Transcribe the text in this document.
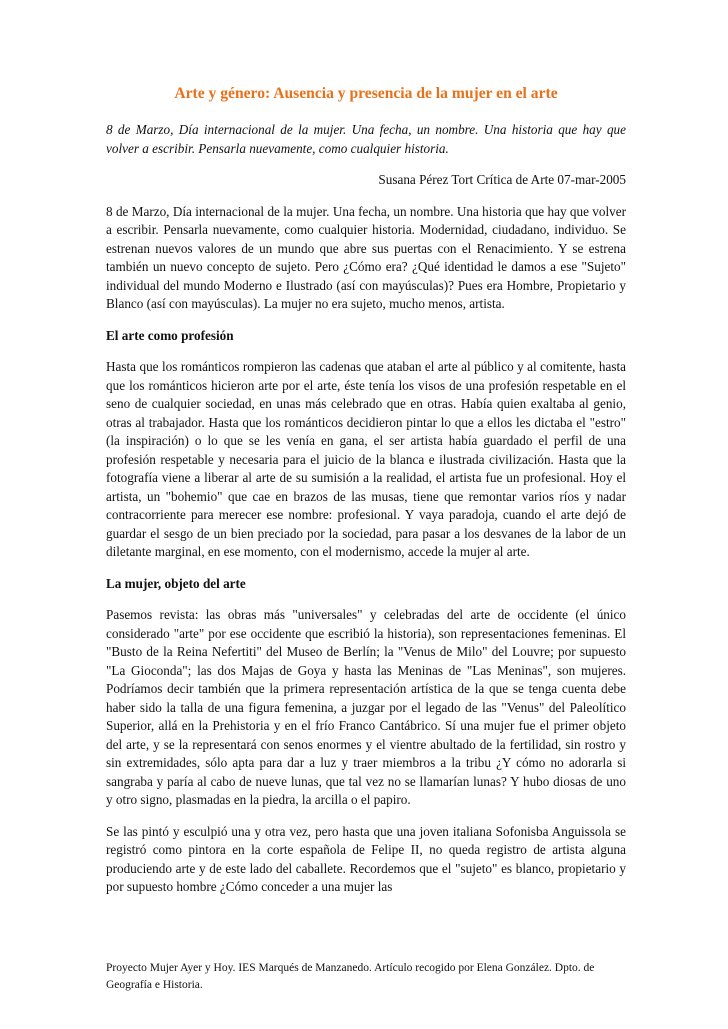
Arte y género: Ausencia y presencia de la mujer en el arte

8 de Marzo, Día internacional de la mujer. Una fecha, un nombre. Una historia que hay que volver a escribir. Pensarla nuevamente, como cualquier historia.

Susana Pérez Tort Crítica de Arte 07-mar-2005

8 de Marzo, Día internacional de la mujer. Una fecha, un nombre. Una historia que hay que volver a escribir. Pensarla nuevamente, como cualquier historia. Modernidad, ciudadano, individuo. Se estrenan nuevos valores de un mundo que abre sus puertas con el Renacimiento. Y se estrena también un nuevo concepto de sujeto. Pero ¿Cómo era? ¿Qué identidad le damos a ese "Sujeto" individual del mundo Moderno e Ilustrado (así con mayúsculas)? Pues era Hombre, Propietario y Blanco (así con mayúsculas). La mujer no era sujeto, mucho menos, artista.

El arte como profesión

Hasta que los románticos rompieron las cadenas que ataban el arte al público y al comitente, hasta que los románticos hicieron arte por el arte, éste tenía los visos de una profesión respetable en el seno de cualquier sociedad, en unas más celebrado que en otras. Había quien exaltaba al genio, otras al trabajador. Hasta que los románticos decidieron pintar lo que a ellos les dictaba el "estro" (la inspiración) o lo que se les venía en gana, el ser artista había guardado el perfil de una profesión respetable y necesaria para el juicio de la blanca e ilustrada civilización. Hasta que la fotografía viene a liberar al arte de su sumisión a la realidad, el artista fue un profesional. Hoy el artista, un "bohemio" que cae en brazos de las musas, tiene que remontar varios ríos y nadar contracorriente para merecer ese nombre: profesional. Y vaya paradoja, cuando el arte dejó de guardar el sesgo de un bien preciado por la sociedad, para pasar a los desvanes de la labor de un diletante marginal, en ese momento, con el modernismo, accede la mujer al arte.

La mujer, objeto del arte

Pasemos revista: las obras más "universales" y celebradas del arte de occidente (el único considerado "arte" por ese occidente que escribió la historia), son representaciones femeninas. El "Busto de la Reina Nefertiti" del Museo de Berlín; la "Venus de Milo" del Louvre; por supuesto "La Gioconda"; las dos Majas de Goya y hasta las Meninas de "Las Meninas", son mujeres. Podríamos decir también que la primera representación artística de la que se tenga cuenta debe haber sido la talla de una figura femenina, a juzgar por el legado de las "Venus" del Paleolítico Superior, allá en la Prehistoria y en el frío Franco Cantábrico. Sí una mujer fue el primer objeto del arte, y se la representará con senos enormes y el vientre abultado de la fertilidad, sin rostro y sin extremidades, sólo apta para dar a luz y traer miembros a la tribu ¿Y cómo no adorarla si sangraba y paría al cabo de nueve lunas, que tal vez no se llamarían lunas? Y hubo diosas de uno y otro signo, plasmadas en la piedra, la arcilla o el papiro.

Se las pintó y esculpió una y otra vez, pero hasta que una joven italiana Sofonisba Anguissola se registró como pintora en la corte española de Felipe II, no queda registro de artista alguna produciendo arte y de este lado del caballete. Recordemos que el "sujeto" es blanco, propietario y por supuesto hombre ¿Cómo conceder a una mujer las

Proyecto Mujer Ayer y Hoy. IES Marqués de Manzanedo. Artículo recogido por Elena González. Dpto. de Geografía e Historia.
